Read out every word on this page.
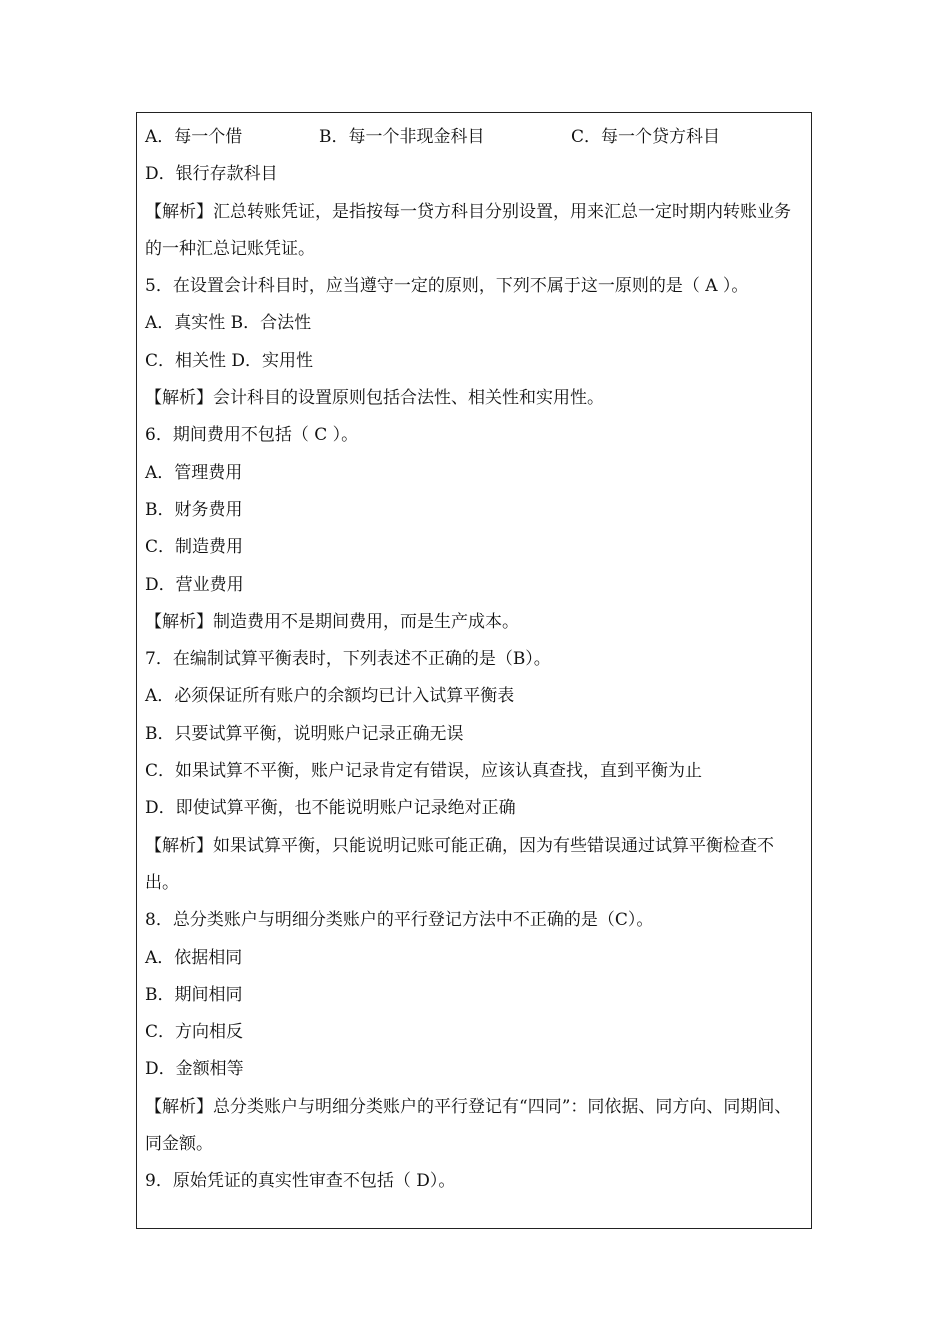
A．每一个借	B．每一个非现金科目	C．每一个贷方科目

D．银行存款科目

【解析】汇总转账凭证，是指按每一贷方科目分别设置，用来汇总一定时期内转账业务的一种汇总记账凭证。

5．在设置会计科目时，应当遵守一定的原则，下列不属于这一原则的是（ A ）。

A．真实性 B．合法性

C．相关性 D．实用性

【解析】会计科目的设置原则包括合法性、相关性和实用性。

6．期间费用不包括（ C ）。

A．管理费用

B．财务费用

C．制造费用

D．营业费用

【解析】制造费用不是期间费用，而是生产成本。

7．在编制试算平衡表时，下列表述不正确的是（B）。

A．必须保证所有账户的余额均已计入试算平衡表

B．只要试算平衡，说明账户记录正确无误

C．如果试算不平衡，账户记录肯定有错误，应该认真查找，直到平衡为止

D．即使试算平衡，也不能说明账户记录绝对正确

【解析】如果试算平衡，只能说明记账可能正确，因为有些错误通过试算平衡检查不出。

8．总分类账户与明细分类账户的平行登记方法中不正确的是（C）。

A．依据相同

B．期间相同

C．方向相反

D．金额相等

【解析】总分类账户与明细分类账户的平行登记有“四同”：同依据、同方向、同期间、同金额。

9．原始凭证的真实性审查不包括（ D）。
